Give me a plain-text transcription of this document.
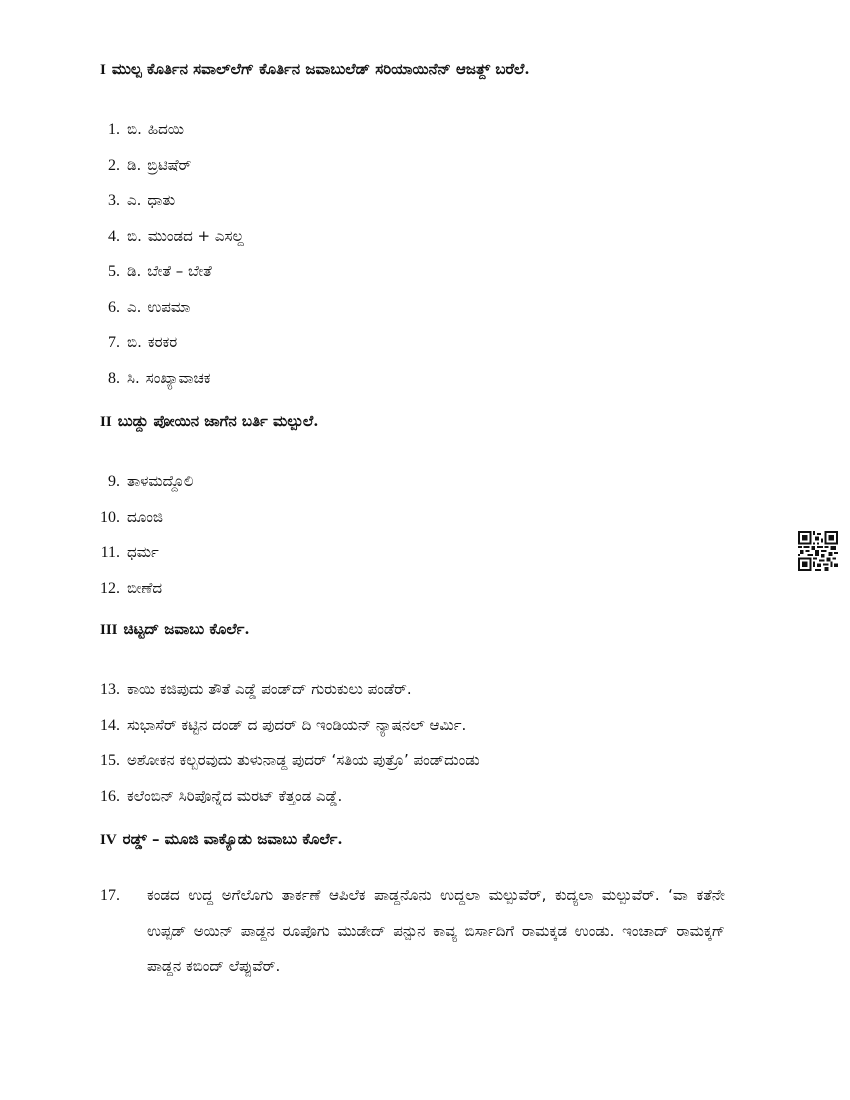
I ಮುಲ್ಪ ಕೊರ್ತಿನ ಸವಾಲ್‌ಲೆಗ್ ಕೊರ್ತಿನ ಜವಾಬುಲೆಡ್ ಸರಿಯಾಯಿನೆನ್ ಆಜತ್ದ್ ಬರೆಲೆ.

1. ಬಿ. ಹಿದಯಿ
2. ಡಿ. ಬ್ರಿಟಿಷೆರ್
3. ಎ. ಧಾತು
4. ಬಿ. ಮುಂಡದ + ಎಸಲ್ದ
5. ಡಿ. ಬೇತೆ – ಬೇತೆ
6. ಎ. ಉಪಮಾ
7. ಬಿ. ಕರಕರ
8. ಸಿ. ಸಂಖ್ಯಾವಾಚಕ

II ಬುಡ್ದು ಪೋಯಿನ ಜಾಗೆನ ಬರ್ತಿ ಮಲ್ಪುಲೆ.

9. ತಾಳಮದ್ದೊಲಿ
10. ದೂಂಜಿ
11. ಧರ್ಮ
12. ಬೀಣೆದ

III ಚಿಟ್ಟದ್ ಜವಾಬು ಕೊರ್ಲೆ.

13. ಕಾಯಿ ಕಜಿಪುದು ತೌತೆ ಎಡ್ಡೆ ಪಂಡ್‌ದ್ ಗುರುಕುಲು ಪಂಡೆರ್.
14. ಸುಭಾಸೆರ್ ಕಟ್ಟಿನ ದಂಡ್ ದ ಪುದರ್ ದಿ ಇಂಡಿಯನ್ ನ್ಯಾಷನಲ್ ಆರ್ಮಿ.
15. ಅಶೋಕನ ಕಲ್ಬರವುದು ತುಳುನಾಡ್ದ ಪುದರ್ ‘ಸತಿಯ ಪುತ್ರೊ’ ಪಂಡ್‌ದುಂಡು
16. ಕಲೆಂಬಿನ್ ಸಿರಿಪೊನ್ನೆದ ಮರಟ್ ಕೆತ್ತಂಡ ಎಡ್ಡೆ.

IV ರಡ್ಡ್ – ಮೂಜಿ ವಾಕ್ಯೊಡು ಜವಾಬು ಕೊರ್ಲೆ.

17. ಕಂಡದ ಉದ್ದ ಅಗೆಲೊಗು ತಾರ್ಕಣೆ ಆಪಿಲೆಕ ಪಾಡ್ದನೊನು ಉದ್ದಲಾ ಮಲ್ಪುವೆರ್, ಕುದ್ಯಲಾ ಮಲ್ಪುವೆರ್. ‘ವಾ ಕತೆನೇ ಉಪ್ಪಡ್ ಅಯಿನ್ ಪಾಡ್ದನ ರೂಪೊಗು ಮುಡೇದ್ ಪನ್ಪುನ ಕಾವ್ಯ ಬಿರ್ಸಾದಿಗೆ ರಾಮಕ್ಕಡ ಉಂಡು. ಇಂಚಾದ್ ರಾಮಕ್ಕಗ್ ಪಾಡ್ದನ ಕಬಿಂದ್ ಲೆಪ್ಪುವೆರ್.
